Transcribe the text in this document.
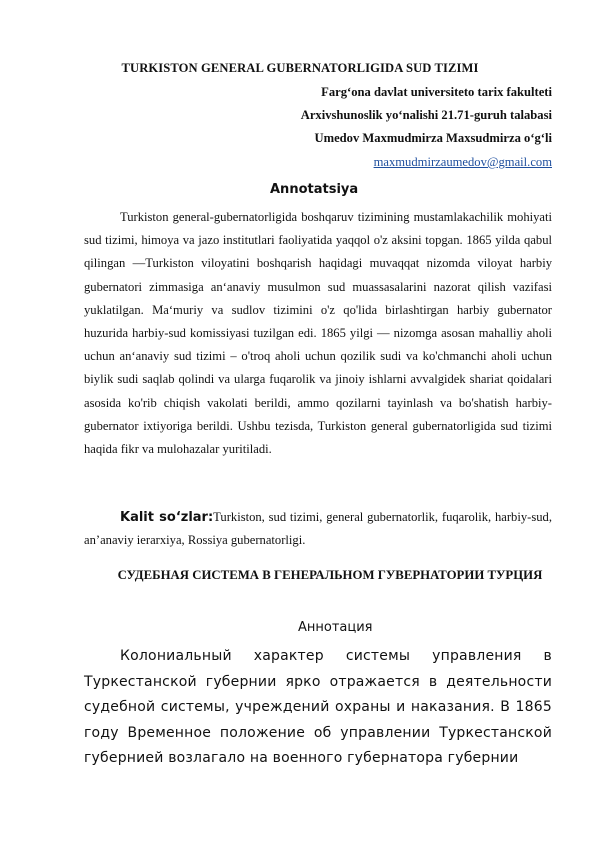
TURKISTON GENERAL GUBERNATORLIGIDA SUD TIZIMI
Farg‘ona davlat universiteto tarix fakulteti
Arxivshunoslik yo‘nalishi 21.71-guruh talabasi
Umedov Maxmudmirza Maxsudmirza o‘g‘li
maxmudmirzaumedov@gmail.com
Annotatsiya
Turkiston general-gubernatorligida boshqaruv tizimining mustamlakachilik mohiyati sud tizimi, himoya va jazo institutlari faoliyatida yaqqol o'z aksini topgan. 1865 yilda qabul qilingan —Turkiston viloyatini boshqarish haqidagi muvaqqat nizomda viloyat harbiy gubernatori zimmasiga an‘anaviy musulmon sud muassasalarini nazorat qilish vazifasi yuklatilgan. Ma‘muriy va sudlov tizimini o'z qo'lida birlashtirgan harbiy gubernator huzurida harbiy-sud komissiyasi tuzilgan edi. 1865 yilgi — nizomga asosan mahalliy aholi uchun an‘anaviy sud tizimi – o'troq aholi uchun qozilik sudi va ko'chmanchi aholi uchun biylik sudi saqlab qolindi va ularga fuqarolik va jinoiy ishlarni avvalgidek shariat qoidalari asosida ko'rib chiqish vakolati berildi, ammo qozilarni tayinlash va bo'shatish harbiy-gubernator ixtiyoriga berildi. Ushbu tezisda, Turkiston general gubernatorligida sud tizimi haqida fikr va mulohazalar yuritiladi.
Kalit so‘zlar:Turkiston, sud tizimi, general gubernatorlik, fuqarolik, harbiy-sud, an’anaviy ierarxiya, Rossiya gubernatorligi.
СУДЕБНАЯ СИСТЕМА В ГЕНЕРАЛЬНОМ ГУВЕРНАТОРИИ ТУРЦИЯ
Аннотация
Колониальный характер системы управления в Туркестанской губернии ярко отражается в деятельности судебной системы, учреждений охраны и наказания. В 1865 году Временное положение об управлении Туркестанской губернией возлагало на военного губернатора губернии
